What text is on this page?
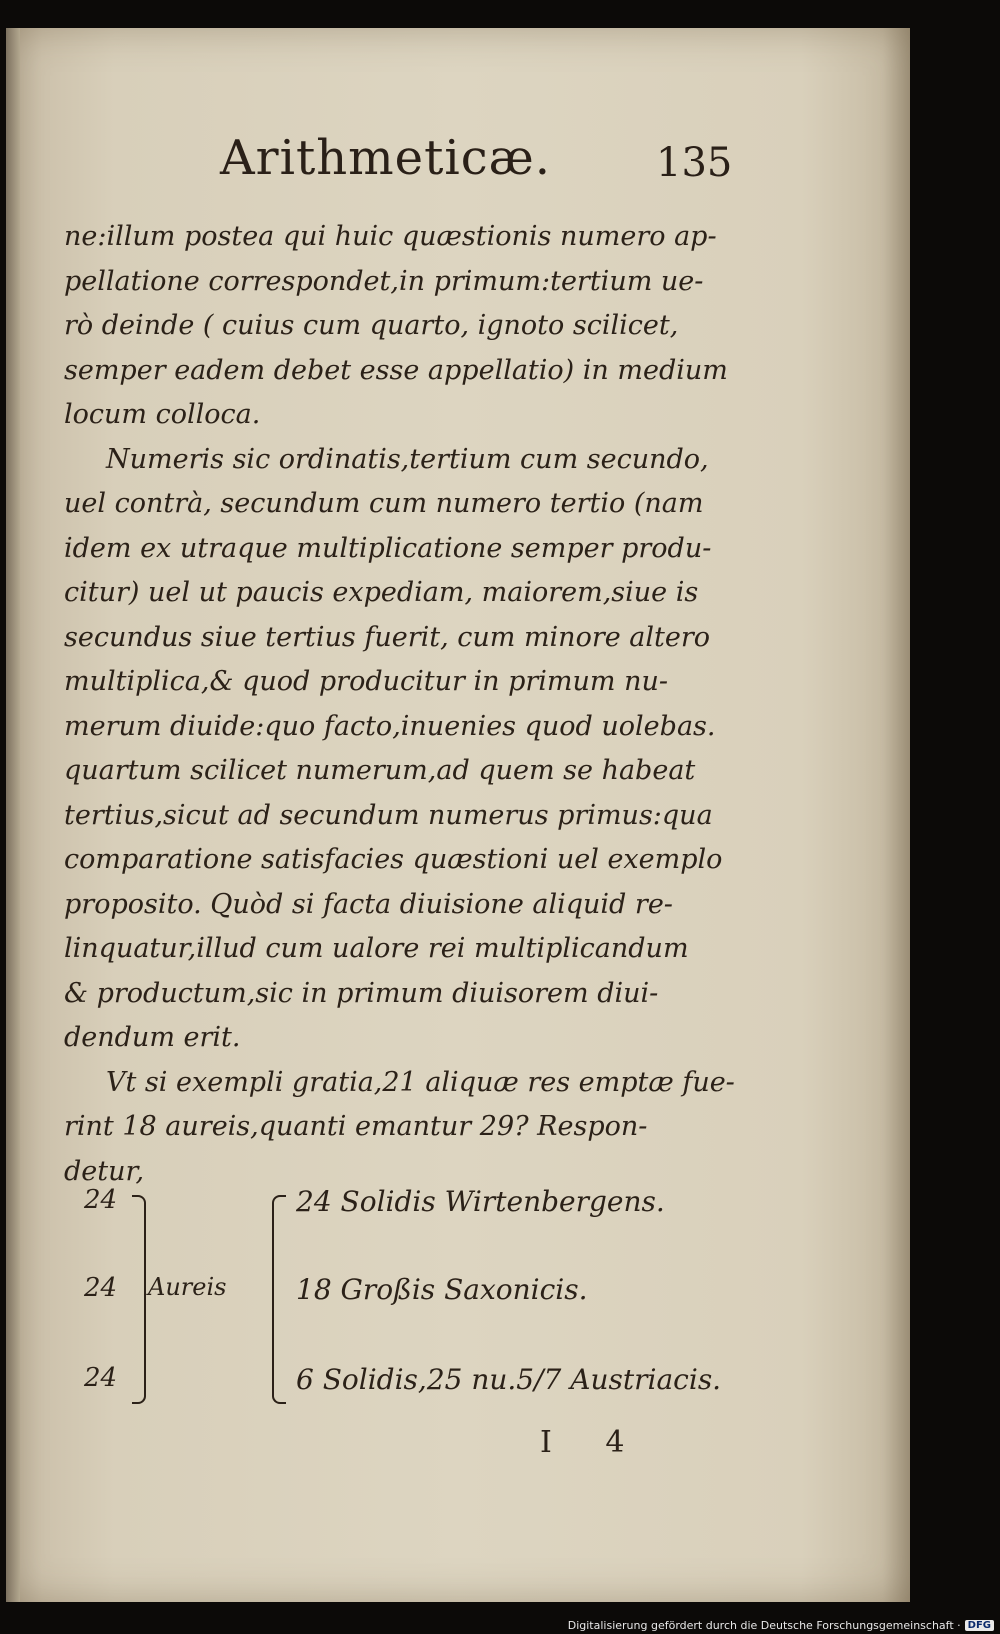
Arithmeticæ.	135
ne:illum postea qui huic quæstionis numero ap-
pellatione correspondet,in primum:tertium ue-
rò deinde ( cuius cum quarto, ignoto scilicet,
semper eadem debet esse appellatio) in medium
locum colloca.
Numeris sic ordinatis,tertium cum secundo,
uel contrà, secundum cum numero tertio (nam
idem ex utraque multiplicatione semper produ-
citur) uel ut paucis expediam, maiorem,siue is
secundus siue tertius fuerit, cum minore altero
multiplica,& quod producitur in primum nu-
merum diuide:quo facto,inuenies quod uolebas.
quartum scilicet numerum,ad quem se habeat
tertius,sicut ad secundum numerus primus:qua
comparatione satisfacies quæstioni uel exemplo
proposito. Quòd si facta diuisione aliquid re-
linquatur,illud cum ualore rei multiplicandum
& productum,sic in primum diuisorem diui-
dendum erit.
Vt si exempli gratia,21 aliquæ res emptæ fue-
rint 18 aureis,quanti emantur 29? Respon-
detur,
24
24
24
Aureis
24 Solidis Wirtenbergens.
18 Großis Saxonicis.
6 Solidis,25 nu.5/7 Austriacis.
I 4
Digitalisierung gefördert durch die Deutsche Forschungsgemeinschaft · DFG
